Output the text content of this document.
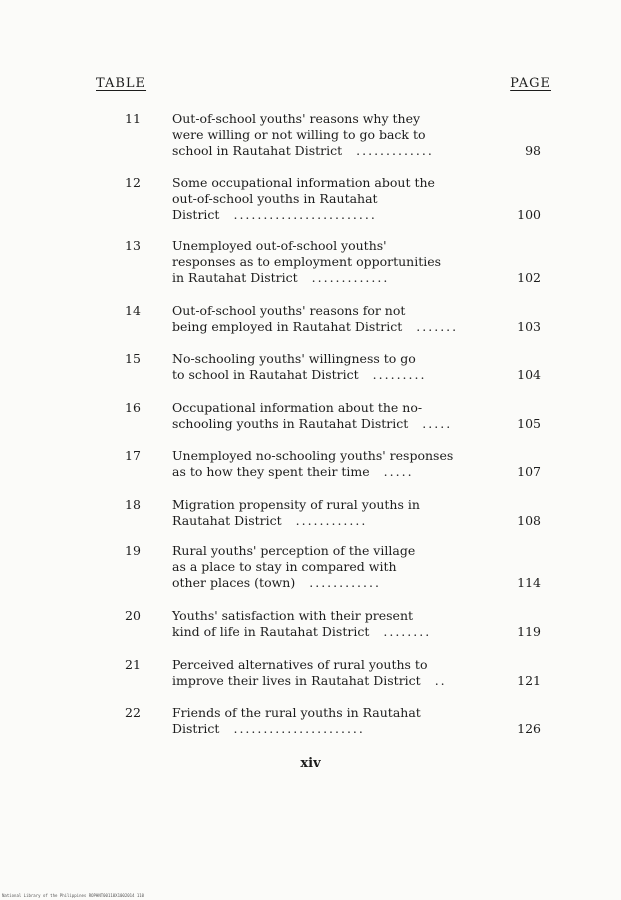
TABLE	PAGE
11	Out-of-school youths' reasons why they
were willing or not willing to go back to
school in Rautahat District .............	98
12	Some occupational information about the
out-of-school youths in Rautahat
District ........................	100
13	Unemployed out-of-school youths'
responses as to employment opportunities
in Rautahat District .............	102
14	Out-of-school youths' reasons for not
being employed in Rautahat District .......	103
15	No-schooling youths' willingness to go
to school in Rautahat District .........	104
16	Occupational information about the no-
schooling youths in Rautahat District .....	105
17	Unemployed no-schooling youths' responses
as to how they spent their time .....	107
18	Migration propensity of rural youths in
Rautahat District ............	108
19	Rural youths' perception of the village
as a place to stay in compared with
other places (town) ............	114
20	Youths' satisfaction with their present
kind of life in Rautahat District ........	119
21	Perceived alternatives of rural youths to
improve their lives in Rautahat District ..	121
22	Friends of the rural youths in Rautahat
District ......................	126
xiv
National Library of the Philippines ROPHNT00110X1002014 110
